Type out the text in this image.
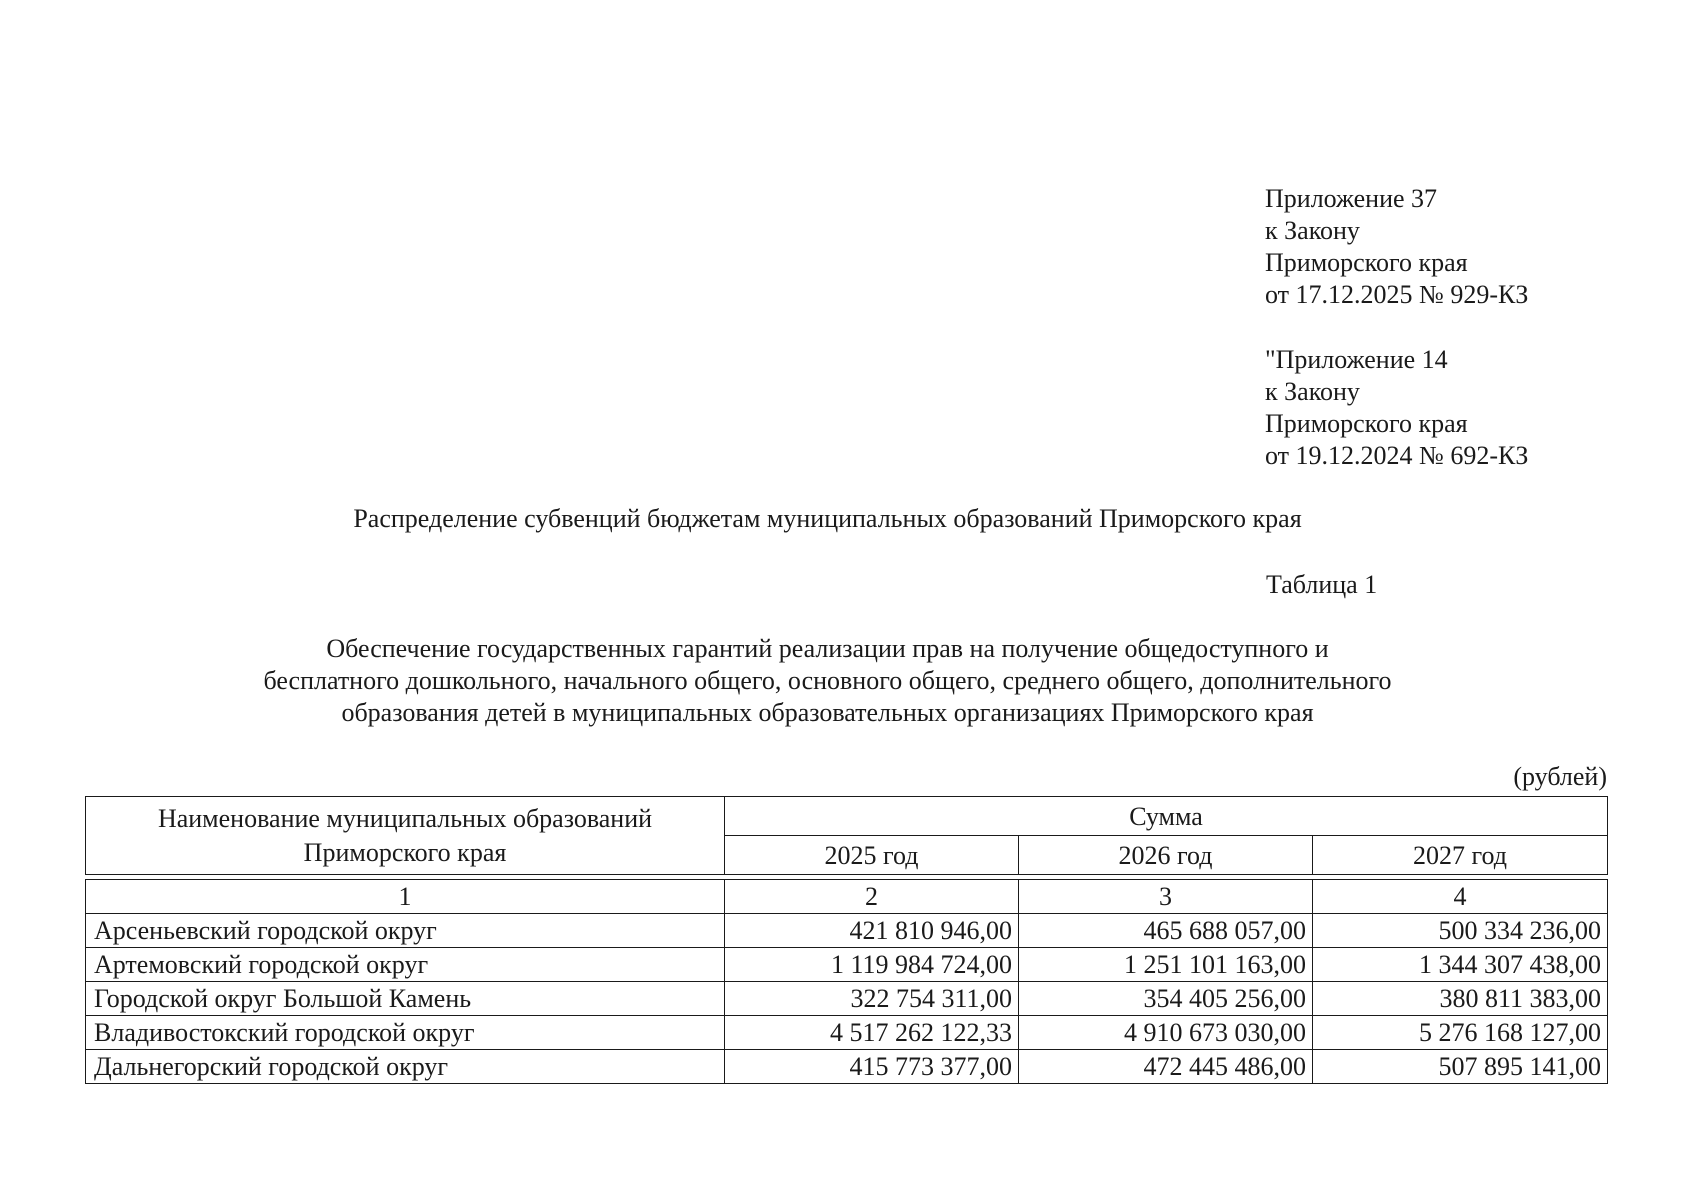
Приложение 37
к Закону
Приморского края
от 17.12.2025 № 929-КЗ
"Приложение 14
к Закону
Приморского края
от 19.12.2024 № 692-КЗ
Распределение субвенций бюджетам муниципальных образований Приморского края
Таблица 1
Обеспечение государственных гарантий реализации прав на получение общедоступного и
бесплатного дошкольного, начального общего, основного общего, среднего общего, дополнительного
образования детей в муниципальных образовательных организациях Приморского края
(рублей)
Наименование муниципальных образований
Приморского края	Сумма		
	2025 год	2026 год	2027 год

1	2	3	4
Арсеньевский городской округ	421 810 946,00	465 688 057,00	500 334 236,00
Артемовский городской округ	1 119 984 724,00	1 251 101 163,00	1 344 307 438,00
Городской округ Большой Камень	322 754 311,00	354 405 256,00	380 811 383,00
Владивостокский городской округ	4 517 262 122,33	4 910 673 030,00	5 276 168 127,00
Дальнегорский городской округ	415 773 377,00	472 445 486,00	507 895 141,00
